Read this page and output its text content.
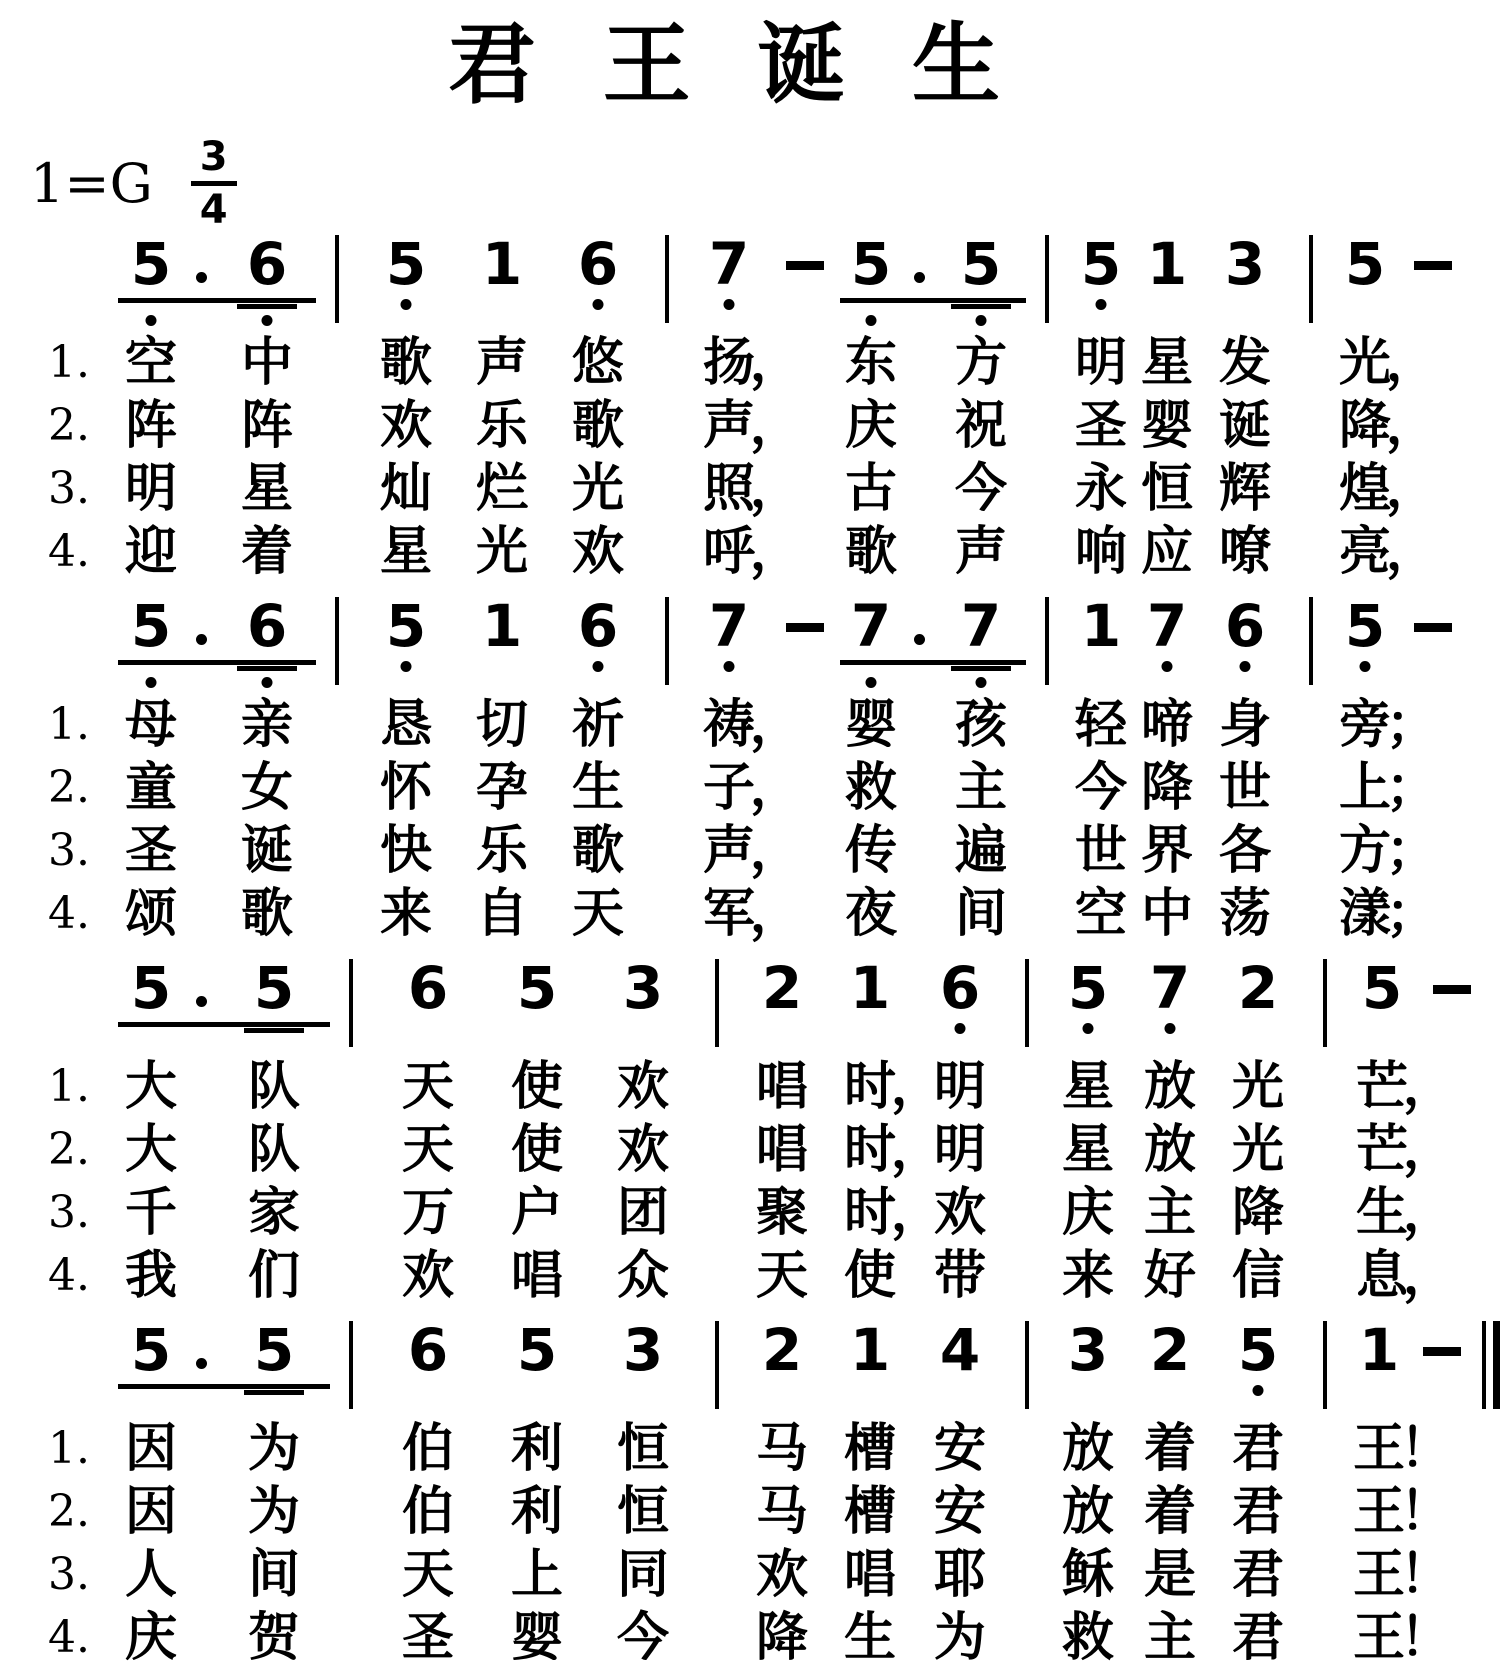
君 王 诞 生
$1=G \frac{3}{4}$
5 6 5 1 6 7 5 5 5 1 3 5
1. 空 中 歌 声 悠 扬
， 东 方 明 星 发 光
，
2. 阵 阵 欢 乐 歌 声
， 庆 祝 圣 婴 诞 降
，
3. 明 星 灿 烂 光 照
， 古 今 永 恒 辉 煌
，
4. 迎 着 星 光 欢 呼
， 歌 声 响 应 嘹 亮
，
5 6 5 1 6 7 7 7 1 7 6 5
1. 母 亲 恳 切 祈 祷
， 婴 孩 轻 啼 身 旁
；
2. 童 女 怀 孕 生 子
， 救 主 今 降 世 上
；
3. 圣 诞 快 乐 歌 声
， 传 遍 世 界 各 方
；
4. 颂 歌 来 自 天 军
， 夜 间 空 中 荡 漾
；
5 5 6 5 3 2 1 6 5 7 2 5
1. 大 队 天 使 欢 唱 时
，
明 星 放 光 芒
，
2. 大 队 天 使 欢 唱 时
，
明 星 放 光 芒
，
3. 千 家 万 户 团 聚 时
，
欢 庆 主 降 生
，
4. 我 们 欢 唱 众 天 使 带 来 好 信 息
，
5 5 6 5 3 2 1 4 3 2 5 1
1. 因 为 伯 利 恒 马 槽 安 放 着 君 王
！
2. 因 为 伯 利 恒 马 槽 安 放 着 君 王
！
3. 人 间 天 上 同 欢 唱 耶 稣 是 君 王
！
4. 庆 贺 圣 婴 今 降 生 为 救 主 君 王
！
